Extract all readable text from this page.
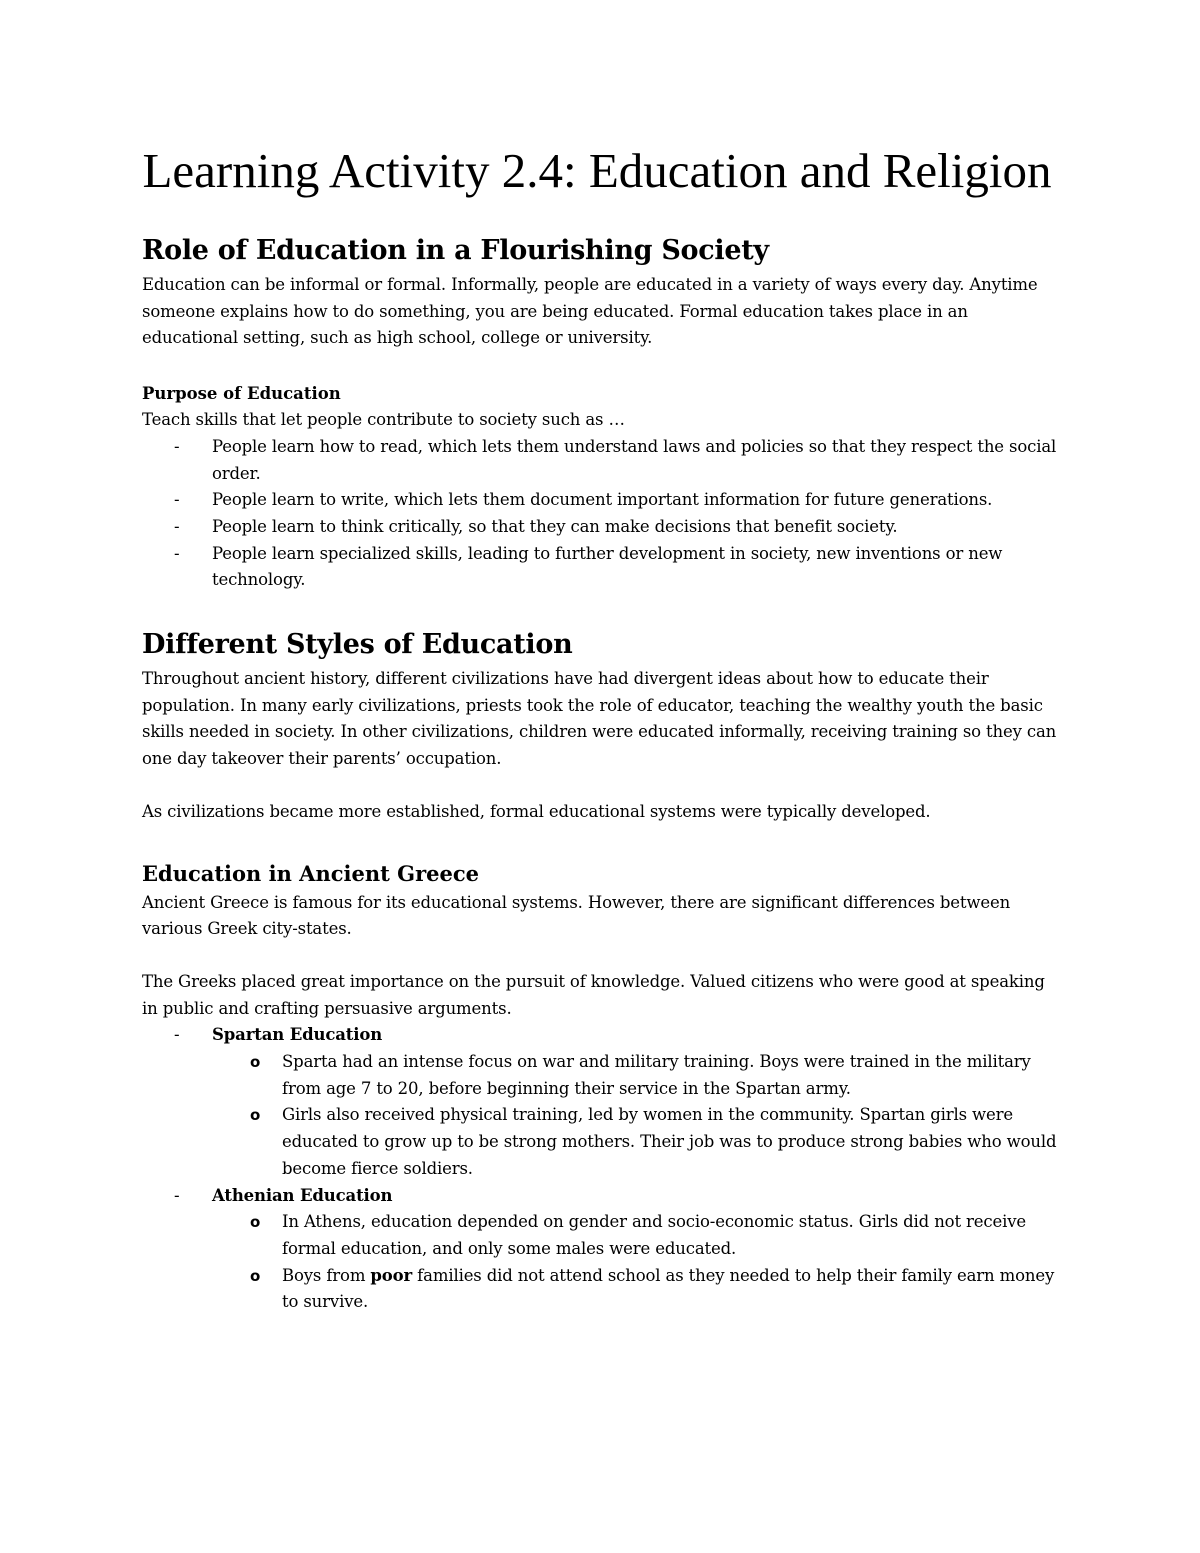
Learning Activity 2.4: Education and Religion
Role of Education in a Flourishing Society

Education can be informal or formal. Informally, people are educated in a variety of ways every day. Anytime someone explains how to do something, you are being educated. Formal education takes place in an educational setting, such as high school, college or university.

Purpose of Education

Teach skills that let people contribute to society such as …

- People learn how to read, which lets them understand laws and policies so that they respect the social order.
- People learn to write, which lets them document important information for future generations.
- People learn to think critically, so that they can make decisions that benefit society.
- People learn specialized skills, leading to further development in society, new inventions or new technology.
Different Styles of Education

Throughout ancient history, different civilizations have had divergent ideas about how to educate their population. In many early civilizations, priests took the role of educator, teaching the wealthy youth the basic skills needed in society. In other civilizations, children were educated informally, receiving training so they can one day takeover their parents’ occupation.

As civilizations became more established, formal educational systems were typically developed.

Education in Ancient Greece

Ancient Greece is famous for its educational systems. However, there are significant differences between various Greek city-states.

The Greeks placed great importance on the pursuit of knowledge. Valued citizens who were good at speaking in public and crafting persuasive arguments.

- Spartan Education
o Sparta had an intense focus on war and military training. Boys were trained in the military from age 7 to 20, before beginning their service in the Spartan army.
o Girls also received physical training, led by women in the community. Spartan girls were educated to grow up to be strong mothers. Their job was to produce strong babies who would become fierce soldiers.
- Athenian Education
o In Athens, education depended on gender and socio-economic status. Girls did not receive formal education, and only some males were educated.
o Boys from poor families did not attend school as they needed to help their family earn money to survive.
